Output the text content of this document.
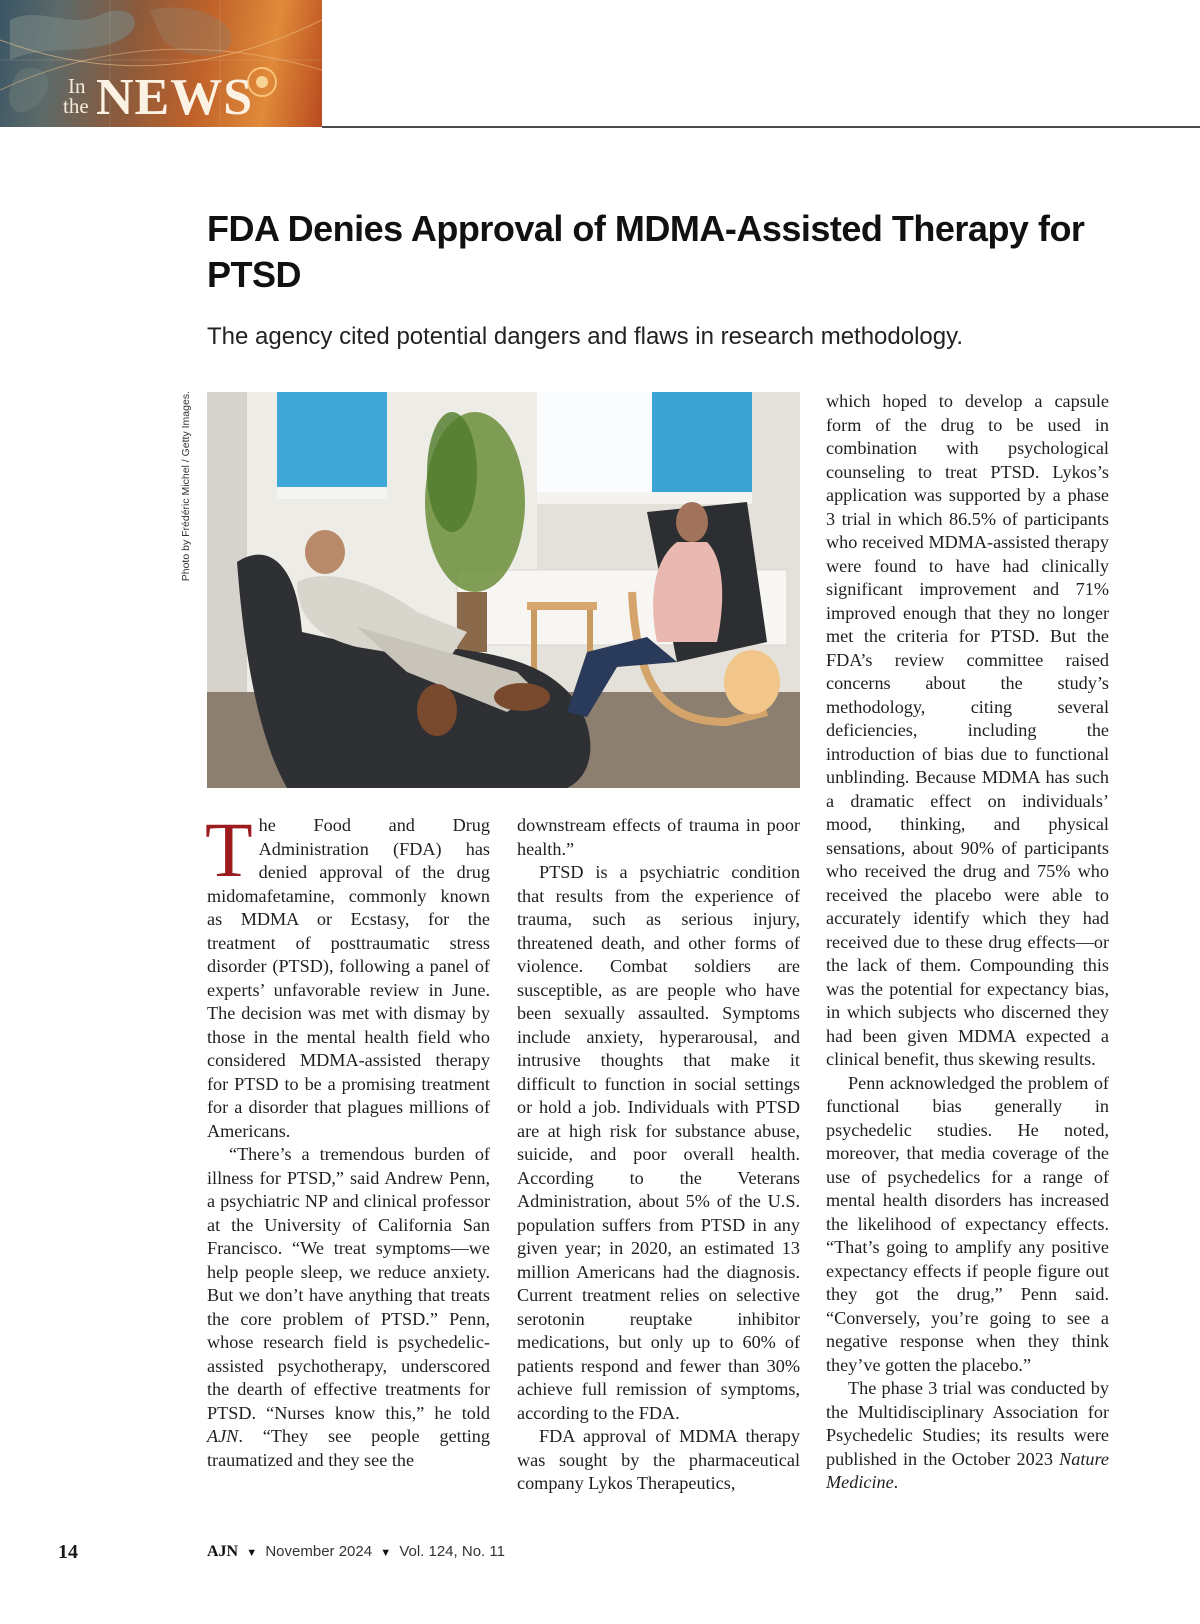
In
the NEWS
FDA Denies Approval of MDMA-Assisted Therapy for PTSD
The agency cited potential dangers and flaws in research methodology.
Photo by Frédéric Michel / Getty Images.

The Food and Drug Administration (FDA) has denied approval of the drug midomafetamine, commonly known as MDMA or Ecstasy, for the treatment of posttraumatic stress disorder (PTSD), following a panel of experts’ unfavorable review in June. The decision was met with dismay by those in the mental health field who considered MDMA-assisted therapy for PTSD to be a promising treatment for a disorder that plagues millions of Americans.

“There’s a tremendous burden of illness for PTSD,” said Andrew Penn, a psychiatric NP and clinical professor at the University of California San Francisco. “We treat symptoms—we help people sleep, we reduce anxiety. But we don’t have anything that treats the core problem of PTSD.” Penn, whose research field is psychedelic-assisted psychotherapy, underscored the dearth of effective treatments for PTSD. “Nurses know this,” he told AJN. “They see people getting traumatized and they see the

downstream effects of trauma in poor health.”

PTSD is a psychiatric condition that results from the experience of trauma, such as serious injury, threatened death, and other forms of violence. Combat soldiers are susceptible, as are people who have been sexually assaulted. Symptoms include anxiety, hyperarousal, and intrusive thoughts that make it difficult to function in social settings or hold a job. Individuals with PTSD are at high risk for substance abuse, suicide, and poor overall health. According to the Veterans Administration, about 5% of the U.S. population suffers from PTSD in any given year; in 2020, an estimated 13 million Americans had the diagnosis. Current treatment relies on selective serotonin reuptake inhibitor medications, but only up to 60% of patients respond and fewer than 30% achieve full remission of symptoms, according to the FDA.

FDA approval of MDMA therapy was sought by the pharmaceutical company Lykos Therapeutics,

which hoped to develop a capsule form of the drug to be used in combination with psychological counseling to treat PTSD. Lykos’s application was supported by a phase 3 trial in which 86.5% of participants who received MDMA-assisted therapy were found to have had clinically significant improvement and 71% improved enough that they no longer met the criteria for PTSD. But the FDA’s review committee raised concerns about the study’s methodology, citing several deficiencies, including the introduction of bias due to functional unblinding. Because MDMA has such a dramatic effect on individuals’ mood, thinking, and physical sensations, about 90% of participants who received the drug and 75% who received the placebo were able to accurately identify which they had received due to these drug effects—or the lack of them. Compounding this was the potential for expectancy bias, in which subjects who discerned they had been given MDMA expected a clinical benefit, thus skewing results.

Penn acknowledged the problem of functional bias generally in psychedelic studies. He noted, moreover, that media coverage of the use of psychedelics for a range of mental health disorders has increased the likelihood of expectancy effects. “That’s going to amplify any positive expectancy effects if people figure out they got the drug,” Penn said. “Conversely, you’re going to see a negative response when they think they’ve gotten the placebo.”

The phase 3 trial was conducted by the Multidisciplinary Association for Psychedelic Studies; its results were published in the October 2023 Nature Medicine.

14	AJN ▼ November 2024 ▼ Vol. 124, No. 11
